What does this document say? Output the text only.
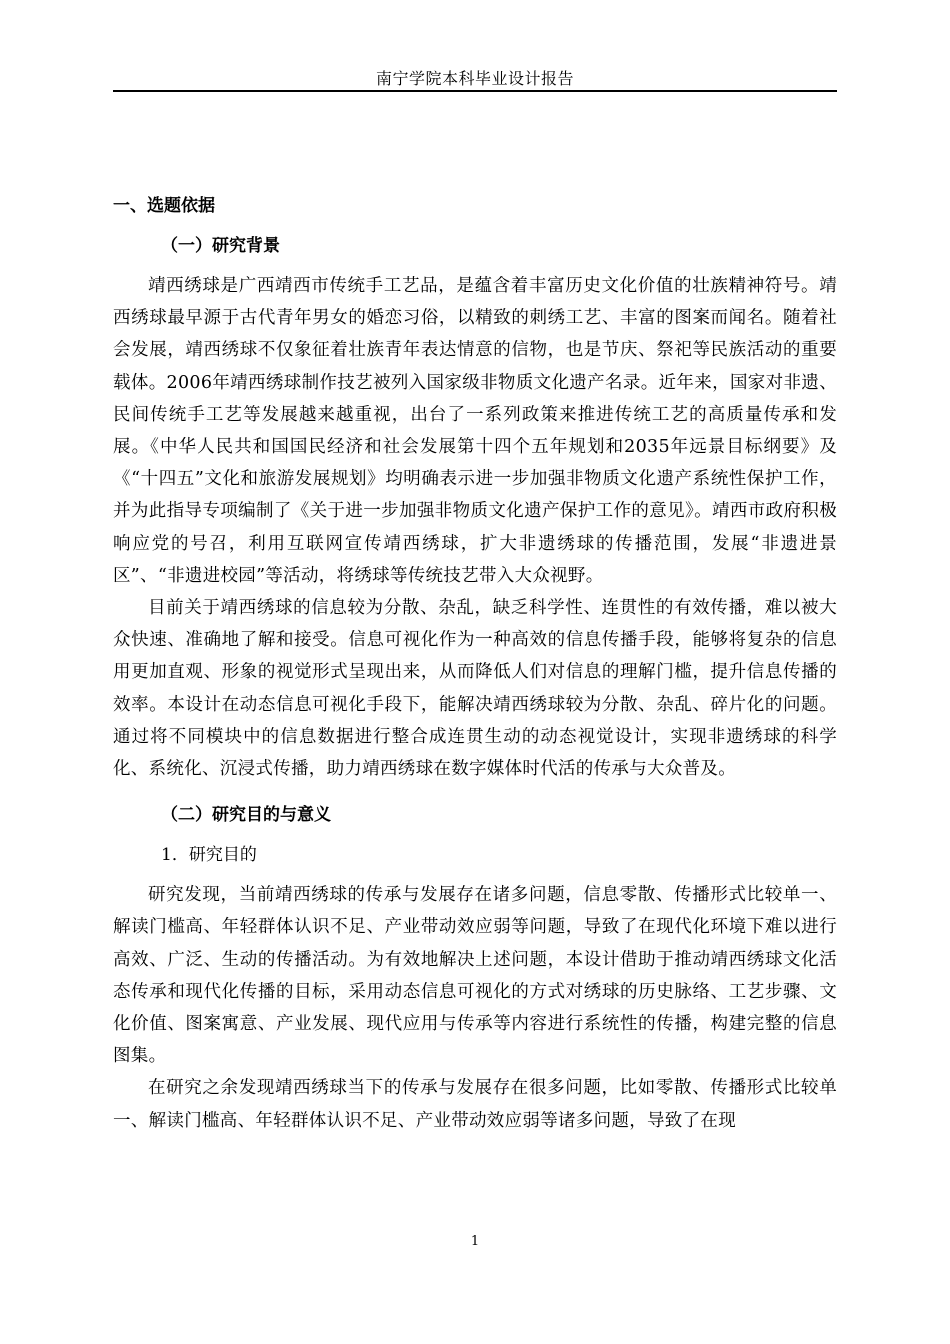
南宁学院本科毕业设计报告
一、选题依据
（一）研究背景

靖西绣球是广西靖西市传统手工艺品，是蕴含着丰富历史文化价值的壮族精神符号。靖西绣球最早源于古代青年男女的婚恋习俗，以精致的刺绣工艺、丰富的图案而闻名。随着社会发展，靖西绣球不仅象征着壮族青年表达情意的信物，也是节庆、祭祀等民族活动的重要载体。2006年靖西绣球制作技艺被列入国家级非物质文化遗产名录。近年来，国家对非遗、民间传统手工艺等发展越来越重视，出台了一系列政策来推进传统工艺的高质量传承和发展。《中华人民共和国国民经济和社会发展第十四个五年规划和2035年远景目标纲要》及《“十四五”文化和旅游发展规划》均明确表示进一步加强非物质文化遗产系统性保护工作，并为此指导专项编制了《关于进一步加强非物质文化遗产保护工作的意见》。靖西市政府积极响应党的号召，利用互联网宣传靖西绣球，扩大非遗绣球的传播范围，发展“非遗进景区”、“非遗进校园”等活动，将绣球等传统技艺带入大众视野。

目前关于靖西绣球的信息较为分散、杂乱，缺乏科学性、连贯性的有效传播，难以被大众快速、准确地了解和接受。信息可视化作为一种高效的信息传播手段，能够将复杂的信息用更加直观、形象的视觉形式呈现出来，从而降低人们对信息的理解门槛，提升信息传播的效率。本设计在动态信息可视化手段下，能解决靖西绣球较为分散、杂乱、碎片化的问题。通过将不同模块中的信息数据进行整合成连贯生动的动态视觉设计，实现非遗绣球的科学化、系统化、沉浸式传播，助力靖西绣球在数字媒体时代活的传承与大众普及。

（二）研究目的与意义
1．研究目的

研究发现，当前靖西绣球的传承与发展存在诸多问题，信息零散、传播形式比较单一、解读门槛高、年轻群体认识不足、产业带动效应弱等问题，导致了在现代化环境下难以进行高效、广泛、生动的传播活动。为有效地解决上述问题，本设计借助于推动靖西绣球文化活态传承和现代化传播的目标，采用动态信息可视化的方式对绣球的历史脉络、工艺步骤、文化价值、图案寓意、产业发展、现代应用与传承等内容进行系统性的传播，构建完整的信息图集。

在研究之余发现靖西绣球当下的传承与发展存在很多问题，比如零散、传播形式比较单一、解读门槛高、年轻群体认识不足、产业带动效应弱等诸多问题，导致了在现

1
